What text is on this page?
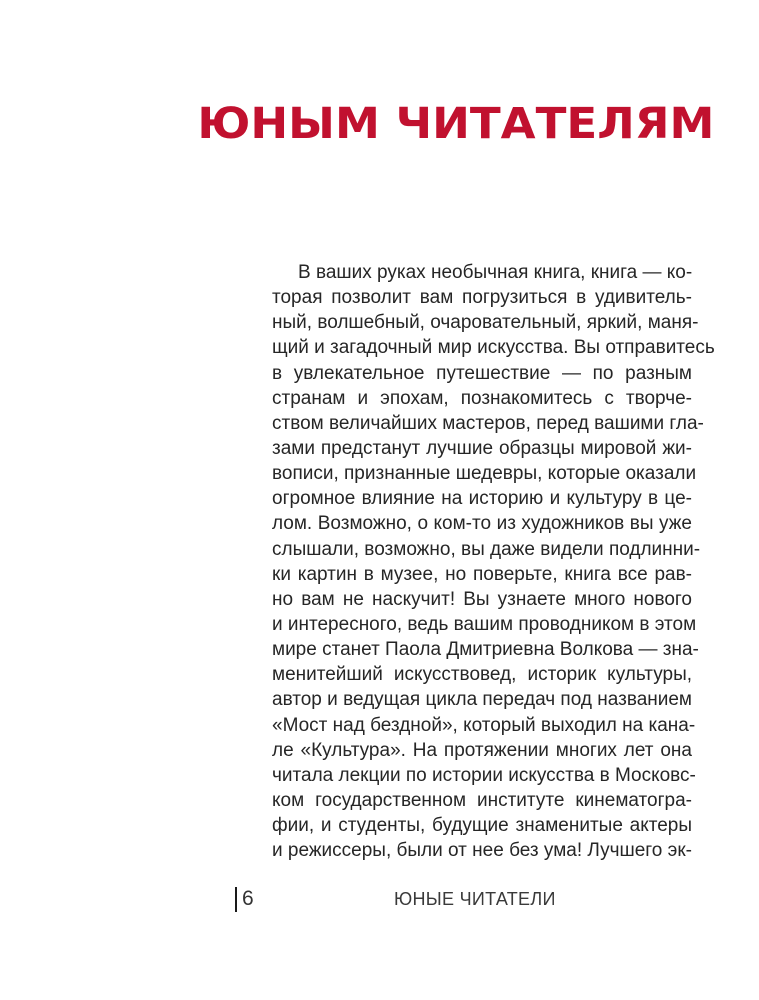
ЮНЫМ ЧИТАТЕЛЯМ
В ваших руках необычная книга, книга — ко-
торая позволит вам погрузиться в удивитель-
ный, волшебный, очаровательный, яркий, маня-
щий и загадочный мир искусства. Вы отправитесь
в увлекательное путешествие — по разным
странам и эпохам, познакомитесь с творче-
ством величайших мастеров, перед вашими гла-
зами предстанут лучшие образцы мировой жи-
вописи, признанные шедевры, которые оказали
огромное влияние на историю и культуру в це-
лом. Возможно, о ком-то из художников вы уже
слышали, возможно, вы даже видели подлинни-
ки картин в музее, но поверьте, книга все рав-
но вам не наскучит! Вы узнаете много нового
и интересного, ведь вашим проводником в этом
мире станет Паола Дмитриевна Волкова — зна-
менитейший искусствовед, историк культуры,
автор и ведущая цикла передач под названием
«Мост над бездной», который выходил на кана-
ле «Культура». На протяжении многих лет она
читала лекции по истории искусства в Московс-
ком государственном институте кинематогра-
фии, и студенты, будущие знаменитые актеры
и режиссеры, были от нее без ума! Лучшего эк-
6	ЮНЫЕ ЧИТАТЕЛИ
